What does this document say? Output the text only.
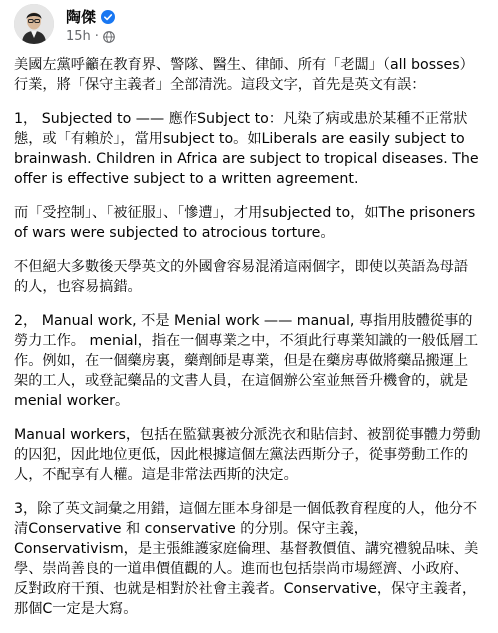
陶傑
15h ·

美國左黨呼籲在教育界、警隊、醫生、律師、所有「老闆」（all bosses）行業，將「保守主義者」全部清洗。這段文字，首先是英文有誤：

1， Subjected to —— 應作Subject to：凡染了病或患於某種不正常狀態，或「有賴於」，當用subject to。如Liberals are easily subject to brainwash. Children in Africa are subject to tropical diseases. The offer is effective subject to a written agreement.

而「受控制」、「被征服」、「慘遭」，才用subjected to，如The prisoners of wars were subjected to atrocious torture。

不但絕大多數後天學英文的外國會容易混淆這兩個字，即使以英語為母語的人，也容易搞錯。

2， Manual work, 不是 Menial work —— manual, 專指用肢體從事的勞力工作。 menial，指在一個專業之中，不須此行專業知識的一般低層工作。例如，在一個藥房裏，藥劑師是專業，但是在藥房專做將藥品搬運上架的工人，或登記藥品的文書人員，在這個辦公室並無晉升機會的，就是menial worker。

Manual workers，包括在監獄裏被分派洗衣和貼信封、被罰從事體力勞動的囚犯，因此地位更低，因此根據這個左黨法西斯分子，從事勞動工作的人，不配享有人權。這是非常法西斯的決定。

3，除了英文詞彙之用錯，這個左匪本身卻是一個低教育程度的人，他分不清Conservative 和 conservative 的分別。保守主義，Conservativism，是主張維護家庭倫理、基督教價值、講究禮貌品味、美學、崇尚善良的一道串價值觀的人。進而也包括崇尚市場經濟、小政府、反對政府干預、也就是相對於社會主義者。Conservative，保守主義者，那個C一定是大寫。
